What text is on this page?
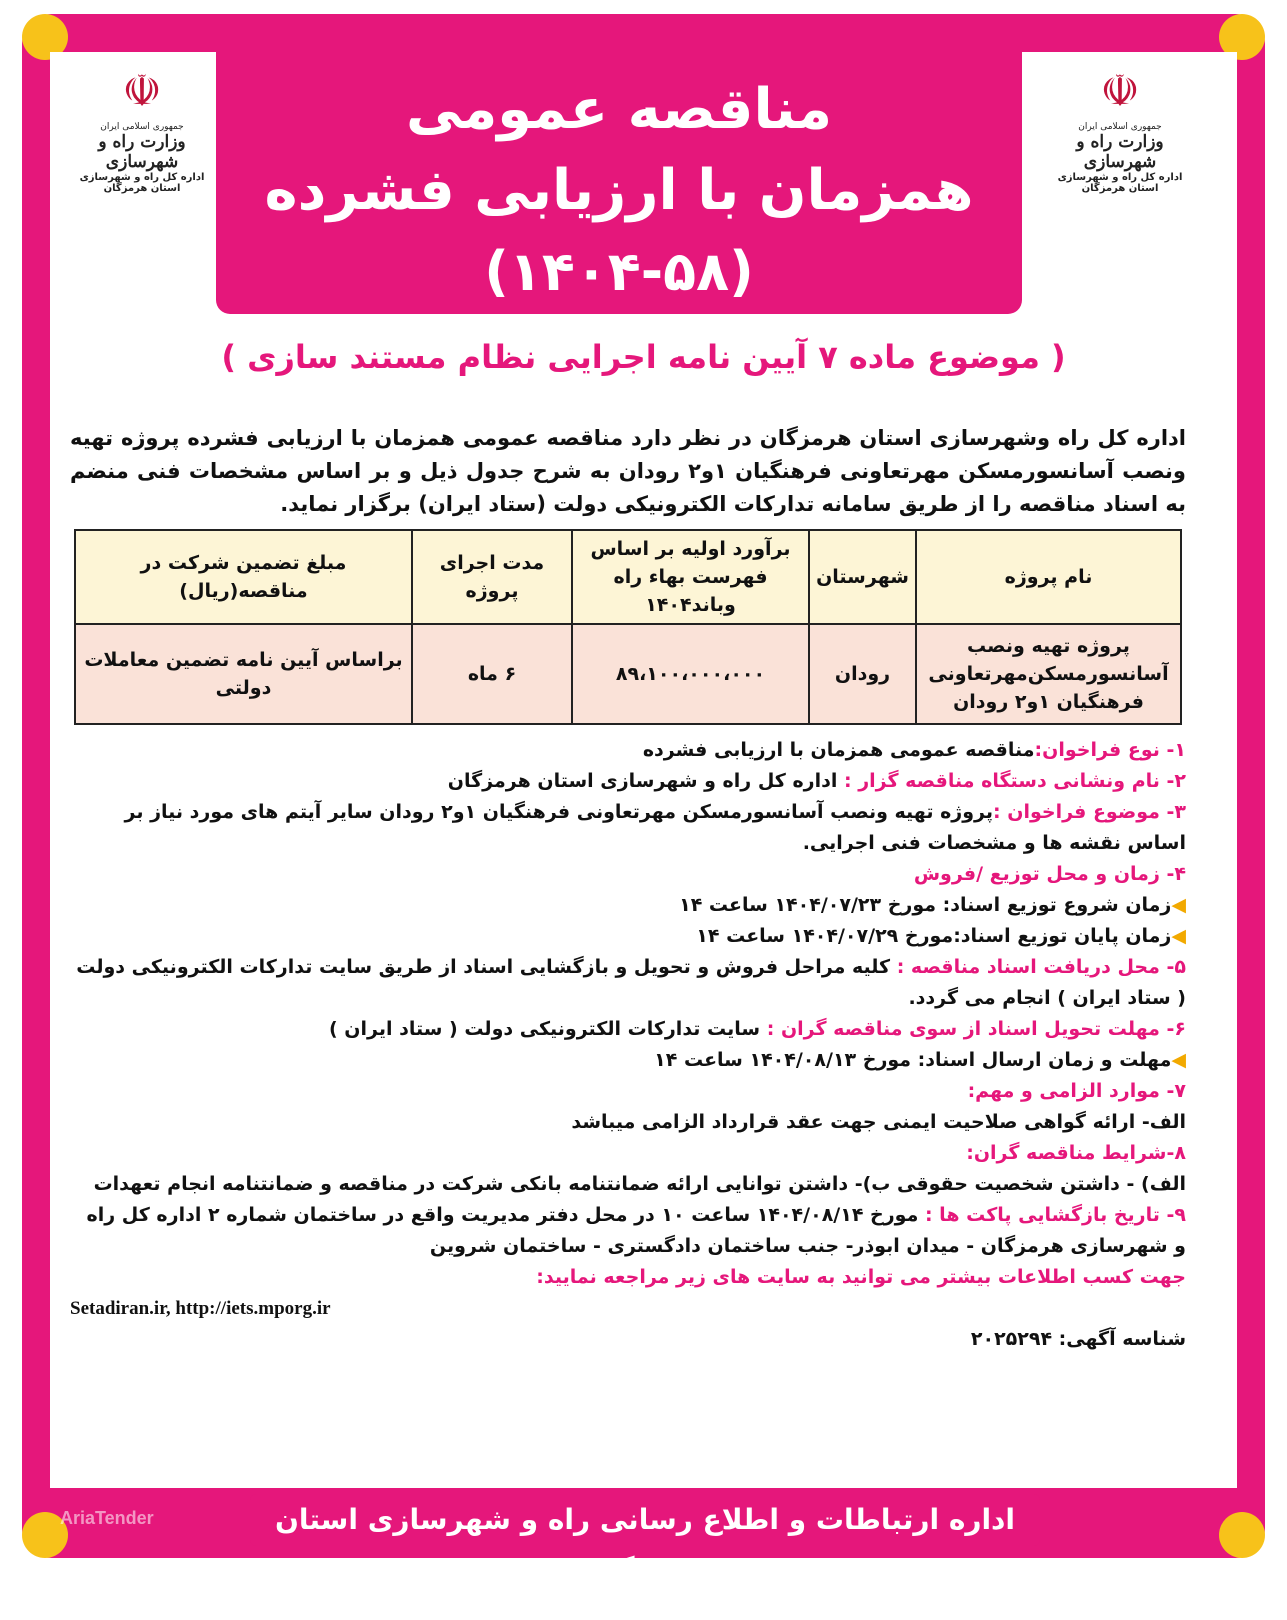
☫
جمهوری اسلامی ایران
وزارت راه و شهرسازی
اداره کل راه و شهرسازی
استان هرمزگان
☫
جمهوری اسلامی ایران
وزارت راه و شهرسازی
اداره کل راه و شهرسازی
استان هرمزگان
مناقصه عمومی
همزمان با ارزیابی فشرده
(۱۴۰۴-۵۸)
( موضوع ماده ۷ آیین نامه اجرایی نظام مستند سازی )
اداره کل راه وشهرسازی استان هرمزگان در نظر دارد مناقصه عمومی همزمان با ارزیابی فشرده پروژه تهیه ونصب آسانسورمسکن مهرتعاونی فرهنگیان ۱و۲ رودان به شرح جدول ذیل و بر اساس مشخصات فنی منضم به اسناد مناقصه را از طریق سامانه تدارکات الکترونیکی دولت (ستاد ایران) برگزار نماید.
نام پروژه	شهرستان	برآورد اولیه بر اساس فهرست بهاء راه وباند۱۴۰۴	مدت اجرای پروژه	مبلغ تضمین شرکت در مناقصه(ریال)
پروژه تهیه ونصب آسانسورمسکن‌مهرتعاونی فرهنگیان ۱و۲ رودان	رودان	۸۹،۱۰۰،۰۰۰،۰۰۰	۶ ماه	براساس آیین نامه تضمین معاملات دولتی
۱- نوع فراخوان:مناقصه عمومی همزمان با ارزیابی فشرده
۲- نام ونشانی دستگاه مناقصه گزار : اداره کل راه و شهرسازی استان هرمزگان
۳- موضوع فراخوان :پروژه تهیه ونصب آسانسورمسکن مهرتعاونی فرهنگیان ۱و۲ رودان سایر آیتم های مورد نیاز بر اساس نقشه ها و مشخصات فنی اجرایی.
۴- زمان و محل توزیع /فروش
◀زمان شروع توزیع اسناد: مورخ ۱۴۰۴/۰۷/۲۳ ساعت ۱۴
◀زمان پایان توزیع اسناد:مورخ ۱۴۰۴/۰۷/۲۹ ساعت ۱۴
۵- محل دریافت اسناد مناقصه : کلیه مراحل فروش و تحویل و بازگشایی اسناد از طریق سایت تدارکات الکترونیکی دولت ( ستاد ایران ) انجام می گردد.
۶- مهلت تحویل اسناد از سوی مناقصه گران : سایت تدارکات الکترونیکی دولت ( ستاد ایران )
◀مهلت و زمان ارسال اسناد: مورخ ۱۴۰۴/۰۸/۱۳ ساعت ۱۴
۷- موارد الزامی و مهم:
الف- ارائه گواهی صلاحیت ایمنی جهت عقد قرارداد الزامی میباشد
۸-شرایط مناقصه گران:
الف) - داشتن شخصیت حقوقی ب)- داشتن توانایی ارائه ضمانتنامه بانکی شرکت در مناقصه و ضمانتنامه انجام تعهدات
۹- تاریخ بازگشایی پاکت ها : مورخ ۱۴۰۴/۰۸/۱۴ ساعت ۱۰ در محل دفتر مدیریت واقع در ساختمان شماره ۲ اداره کل راه و شهرسازی هرمزگان - میدان ابوذر- جنب ساختمان دادگستری - ساختمان شروین
جهت کسب اطلاعات بیشتر می توانید به سایت های زیر مراجعه نمایید:
Setadiran.ir, http://iets.mporg.ir
شناسه آگهی: ۲۰۲۵۲۹۴
اداره ارتباطات و اطلاع رسانی راه و شهرسازی استان هرمزگان
AriaTender
